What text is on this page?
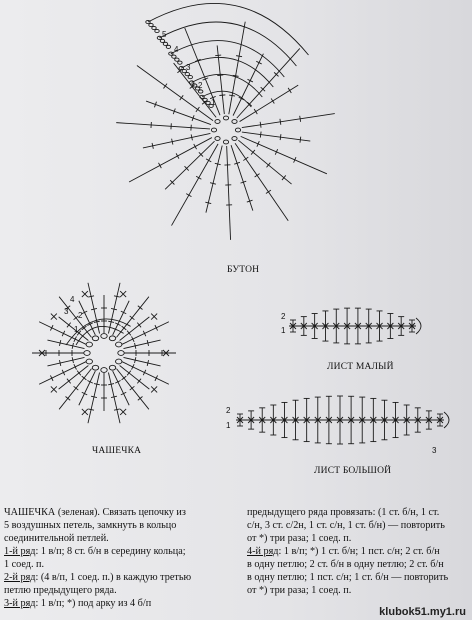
5
4
3
2
1
4
3 2
1
2
1
2
1
3
БУТОН
ЧАШЕЧКА
ЛИСТ МАЛЫЙ
ЛИСТ БОЛЬШОЙ
ЧАШЕЧКА (зеленая). Связать цепочку из
5 воздушных петель, замкнуть в кольцо
соединительной петлей.
1-й ряд: 1 в/п; 8 ст. б/н в середину кольца;
1 соед. п.
2-й ряд: (4 в/п, 1 соед. п.) в каждую третью
петлю предыдущего ряда.
3-й ряд: 1 в/п; *) под арку из 4 б/п
предыдущего ряда провязать: (1 ст. б/н, 1 ст.
с/н, 3 ст. с/2н, 1 ст. с/н, 1 ст. б/н) — повторить
от *) три раза; 1 соед. п.
4-й ряд: 1 в/п; *) 1 ст. б/н; 1 пст. с/н; 2 ст. б/н
в одну петлю; 2 ст. б/н в одну петлю; 2 ст. б/н
в одну петлю; 1 пст. с/н; 1 ст. б/н — повторить
от *) три раза; 1 соед. п.
klubok51.my1.ru
